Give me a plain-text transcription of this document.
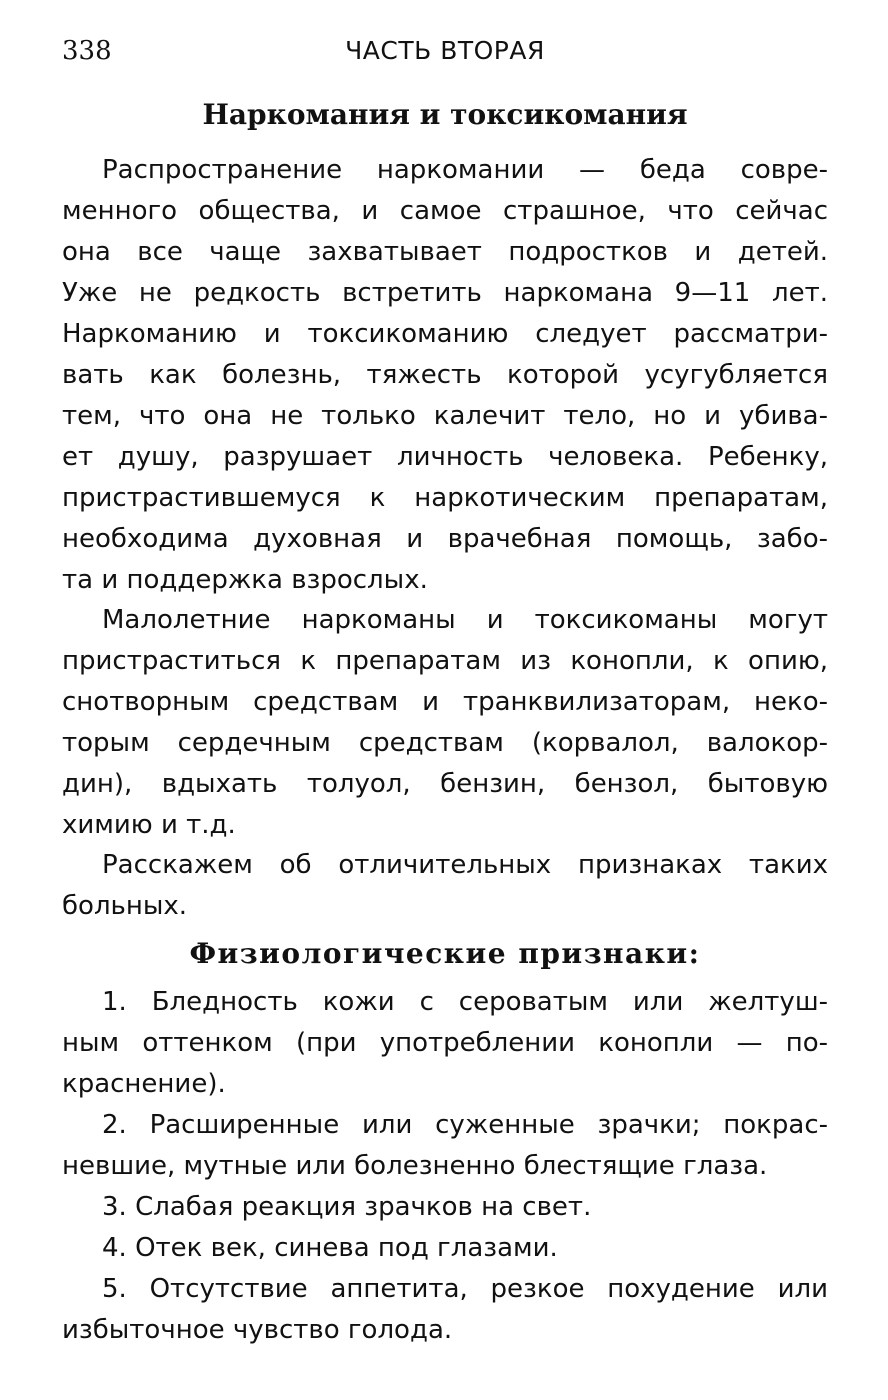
338	ЧАСТЬ ВТОРАЯ
Наркомания и токсикомания
Распространение наркомании — беда совре-
менного общества, и самое страшное, что сейчас
она все чаще захватывает подростков и детей.
Уже не редкость встретить наркомана 9—11 лет.
Наркоманию и токсикоманию следует рассматри-
вать как болезнь, тяжесть которой усугубляется
тем, что она не только калечит тело, но и убива-
ет душу, разрушает личность человека. Ребенку,
пристрастившемуся к наркотическим препаратам,
необходима духовная и врачебная помощь, забо-
та и поддержка взрослых.
Малолетние наркоманы и токсикоманы могут
пристраститься к препаратам из конопли, к опию,
снотворным средствам и транквилизаторам, неко-
торым сердечным средствам (корвалол, валокор-
дин), вдыхать толуол, бензин, бензол, бытовую
химию и т.д.
Расскажем об отличительных признаках таких
больных.
Физиологические признаки:
1. Бледность кожи с сероватым или желтуш-
ным оттенком (при употреблении конопли — по-
краснение).
2. Расширенные или суженные зрачки; покрас-
невшие, мутные или болезненно блестящие глаза.
3. Слабая реакция зрачков на свет.
4. Отек век, синева под глазами.
5. Отсутствие аппетита, резкое похудение или
избыточное чувство голода.
